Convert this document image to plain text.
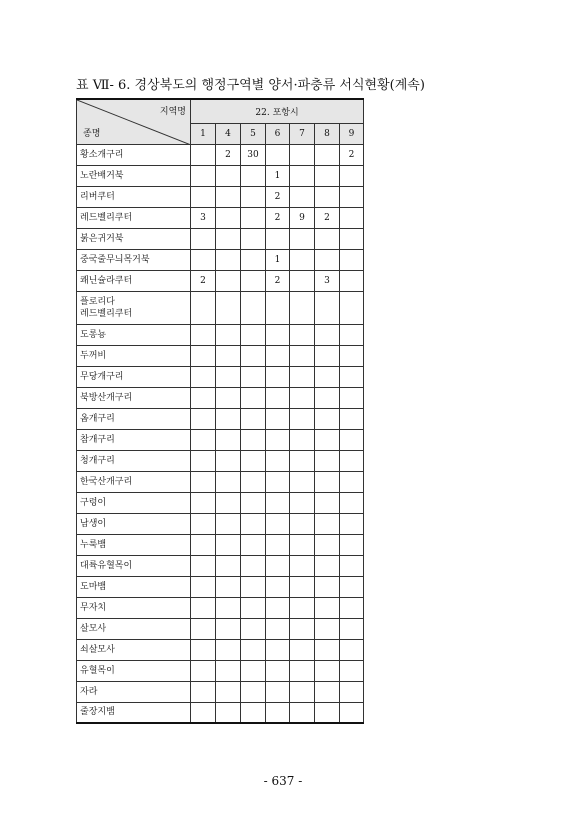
표 Ⅶ- 6. 경상북도의 행정구역별 양서·파충류 서식현황(계속)
지역명
종명	22. 포항시						
	1	4	5	6	7	8	9
황소개구리		2	30				2
노란배거북				1			
리버쿠터				2			
레드벨리쿠터	3			2	9	2	
붉은귀거북							
중국줄무늬목거북				1			
쾌닌슐라쿠터	2			2		3	
플로리다
레드벨리쿠터							
도롱뇽							
두꺼비							
무당개구리							
북방산개구리							
옴개구리							
참개구리							
청개구리							
한국산개구리							
구렁이							
남생이							
누룩뱀							
대륙유혈목이							
도마뱀							
무자치							
살모사							
쇠살모사							
유혈목이							
자라							
줄장지뱀							
- 637 -
